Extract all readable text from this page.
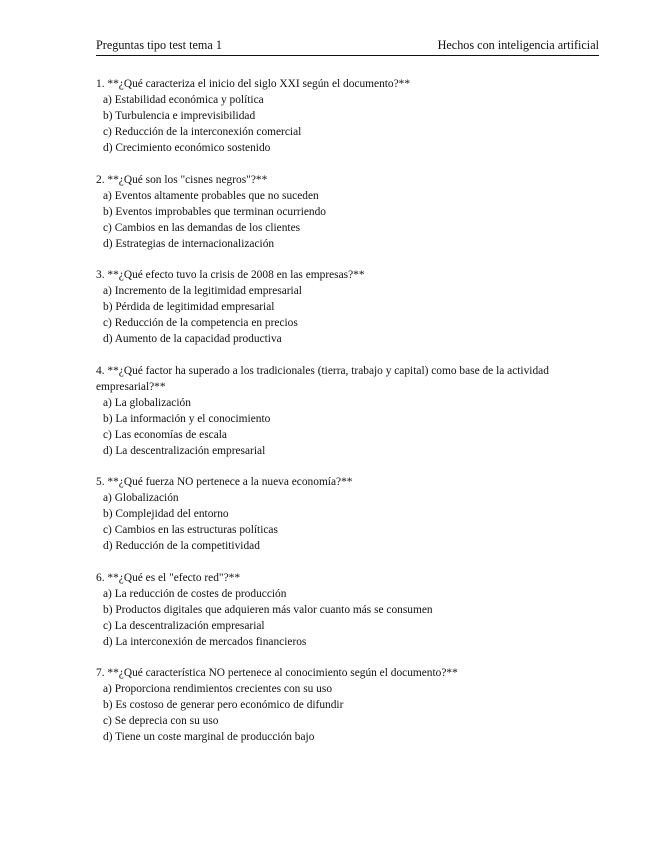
Preguntas tipo test tema 1	Hechos con inteligencia artificial
1. **¿Qué caracteriza el inicio del siglo XXI según el documento?**
a) Estabilidad económica y política
b) Turbulencia e imprevisibilidad
c) Reducción de la interconexión comercial
d) Crecimiento económico sostenido
2. **¿Qué son los "cisnes negros"?**
a) Eventos altamente probables que no suceden
b) Eventos improbables que terminan ocurriendo
c) Cambios en las demandas de los clientes
d) Estrategias de internacionalización
3. **¿Qué efecto tuvo la crisis de 2008 en las empresas?**
a) Incremento de la legitimidad empresarial
b) Pérdida de legitimidad empresarial
c) Reducción de la competencia en precios
d) Aumento de la capacidad productiva
4. **¿Qué factor ha superado a los tradicionales (tierra, trabajo y capital) como base de la actividad empresarial?**
a) La globalización
b) La información y el conocimiento
c) Las economías de escala
d) La descentralización empresarial
5. **¿Qué fuerza NO pertenece a la nueva economía?**
a) Globalización
b) Complejidad del entorno
c) Cambios en las estructuras políticas
d) Reducción de la competitividad
6. **¿Qué es el "efecto red"?**
a) La reducción de costes de producción
b) Productos digitales que adquieren más valor cuanto más se consumen
c) La descentralización empresarial
d) La interconexión de mercados financieros
7. **¿Qué característica NO pertenece al conocimiento según el documento?**
a) Proporciona rendimientos crecientes con su uso
b) Es costoso de generar pero económico de difundir
c) Se deprecia con su uso
d) Tiene un coste marginal de producción bajo
